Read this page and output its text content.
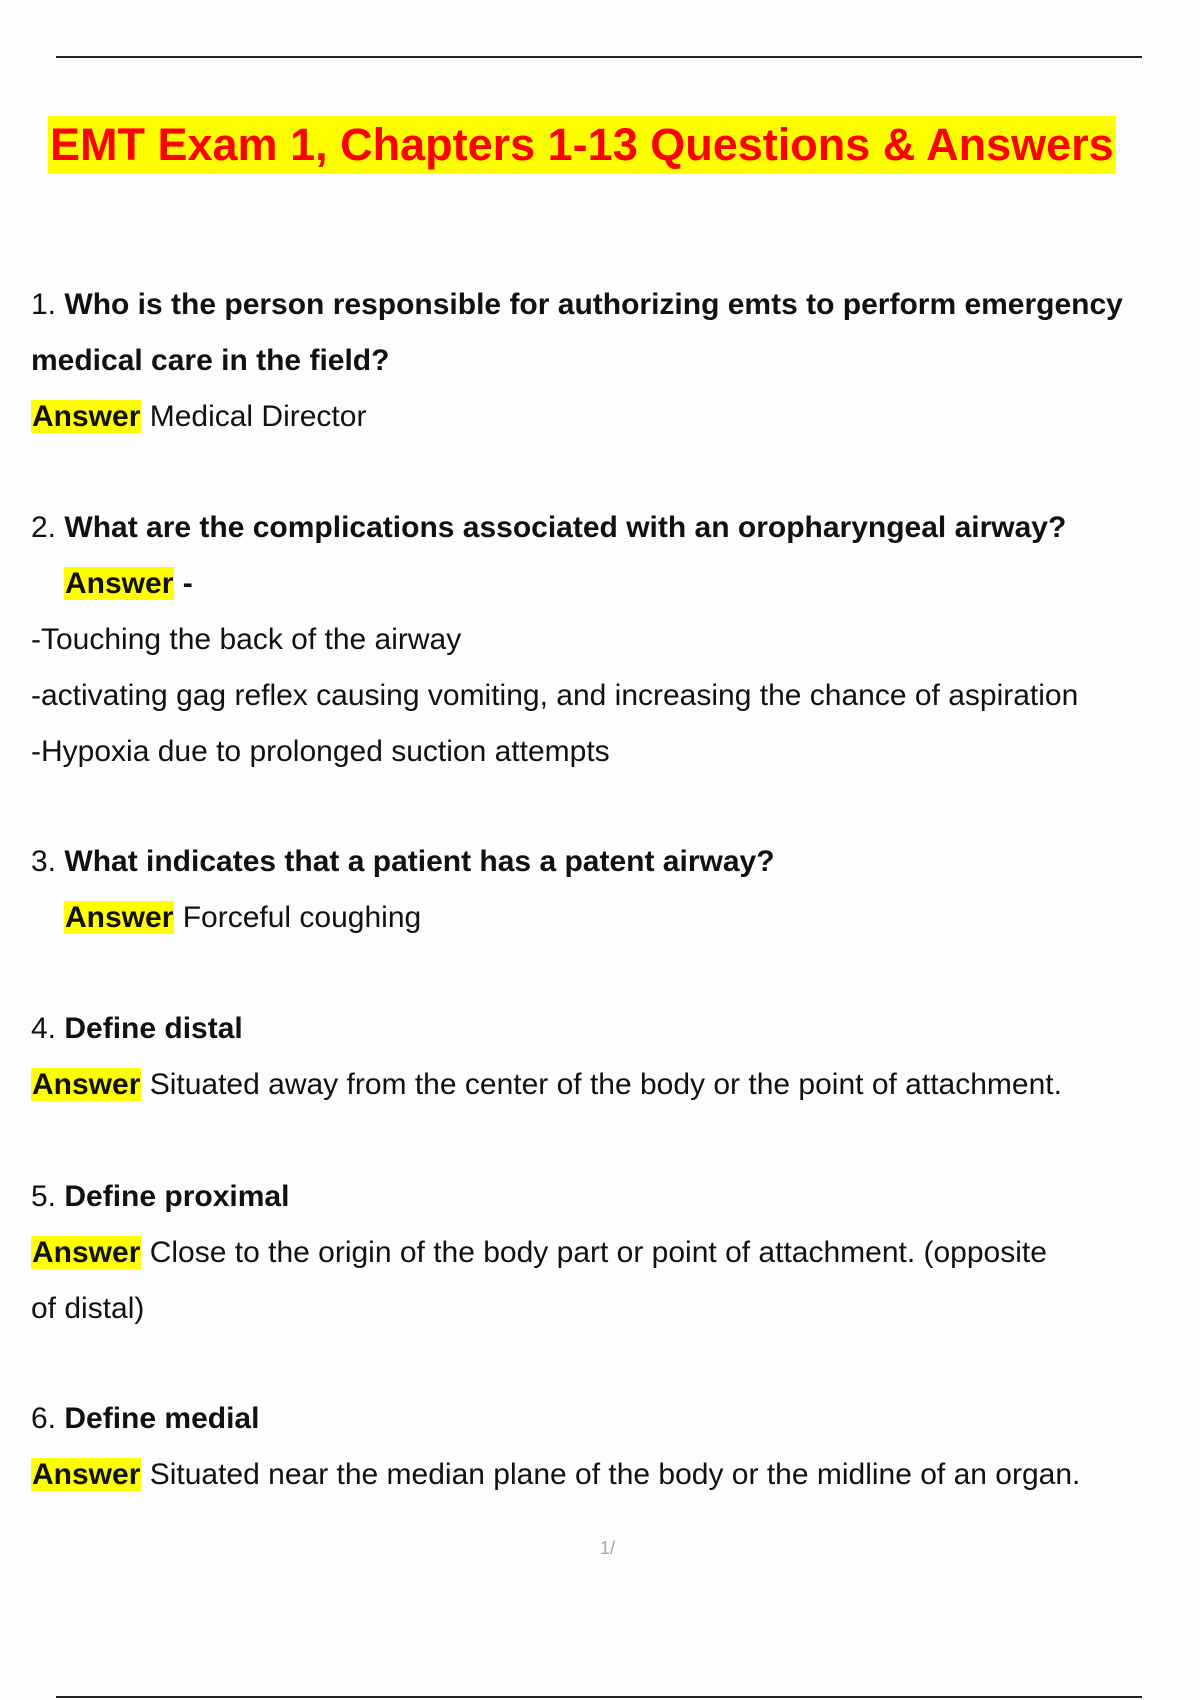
EMT Exam 1, Chapters 1-13 Questions & Answers
1. Who is the person responsible for authorizing emts to perform emergency
medical care in the field?
Answer Medical Director
2. What are the complications associated with an oropharyngeal airway?
Answer -
-Touching the back of the airway
-activating gag reflex causing vomiting, and increasing the chance of aspiration
-Hypoxia due to prolonged suction attempts
3. What indicates that a patient has a patent airway?
Answer Forceful coughing
4. Define distal
Answer Situated away from the center of the body or the point of attachment.
5. Define proximal
Answer Close to the origin of the body part or point of attachment. (opposite
of distal)
6. Define medial
Answer Situated near the median plane of the body or the midline of an organ.
1/
